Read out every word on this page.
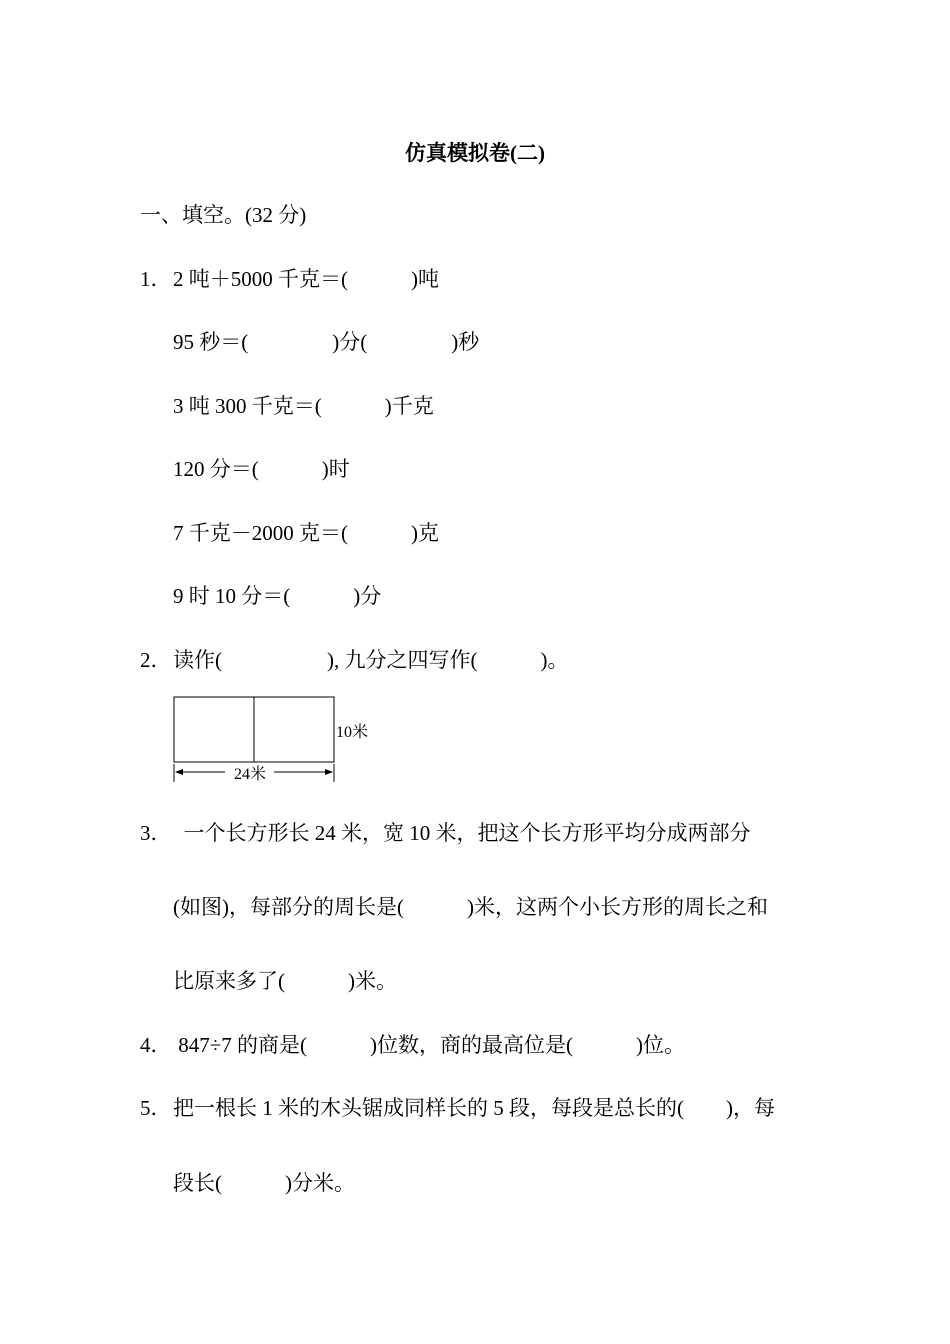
仿真模拟卷(二)
一、填空。(32 分)
1． 2 吨＋5000 千克＝(　　　)吨
95 秒＝(　　　　)分(　　　　)秒
3 吨 300 千克＝(　　　)千克
120 分＝(　　　)时
7 千克－2000 克＝(　　　)克
9 时 10 分＝(　　　)分
2． 读作(　　　　　), 九分之四写作(　　　)。
24米
10米
3． 一个长方形长 24 米，宽 10 米，把这个长方形平均分成两部分
(如图)，每部分的周长是(　　　)米，这两个小长方形的周长之和
比原来多了(　　　)米。
4． 847÷7 的商是(　　　)位数，商的最高位是(　　　)位。
5． 把一根长 1 米的木头锯成同样长的 5 段，每段是总长的(　　)，每
段长(　　　)分米。
